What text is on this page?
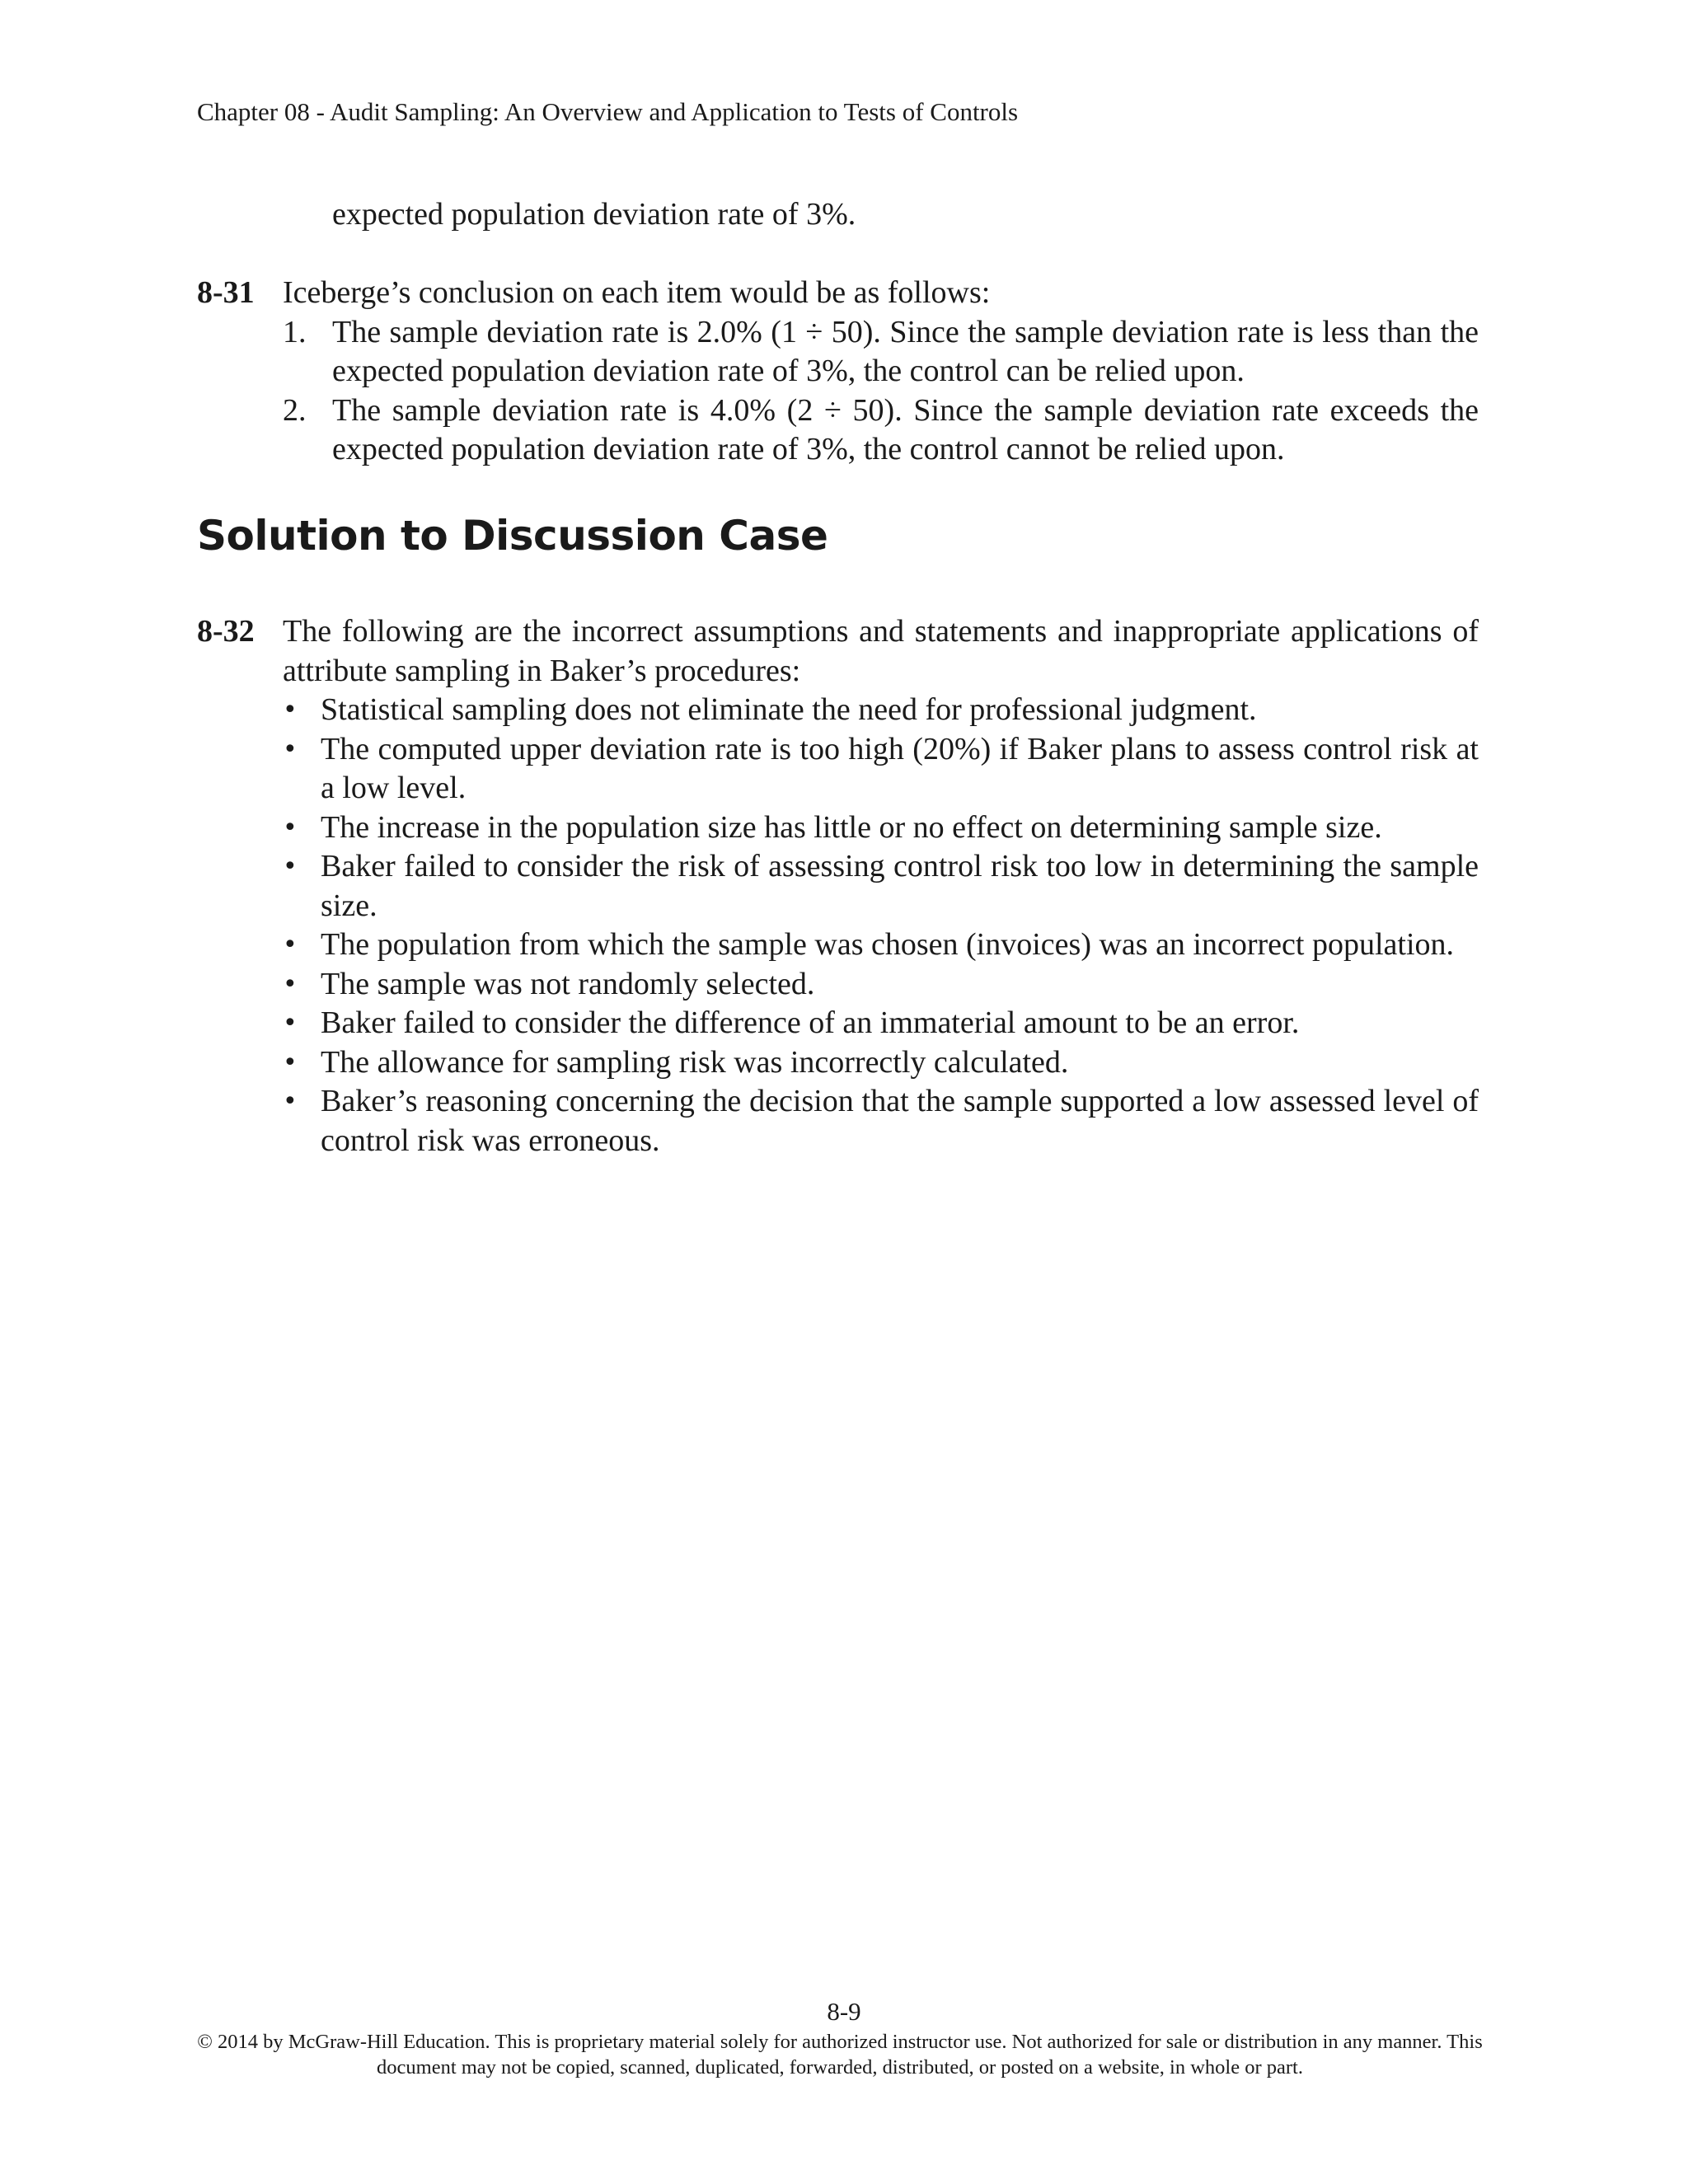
Chapter 08 - Audit Sampling: An Overview and Application to Tests of Controls
expected population deviation rate of 3%.
8-31 Iceberge’s conclusion on each item would be as follows:
1. The sample deviation rate is 2.0% (1 ÷ 50). Since the sample deviation rate is less than the expected population deviation rate of 3%, the control can be relied upon.
2. The sample deviation rate is 4.0% (2 ÷ 50). Since the sample deviation rate exceeds the expected population deviation rate of 3%, the control cannot be relied upon.
Solution to Discussion Case
8-32 The following are the incorrect assumptions and statements and inappropriate applications of attribute sampling in Baker’s procedures:
• Statistical sampling does not eliminate the need for professional judgment.
• The computed upper deviation rate is too high (20%) if Baker plans to assess control risk at a low level.
• The increase in the population size has little or no effect on determining sample size.
• Baker failed to consider the risk of assessing control risk too low in determining the sample size.
• The population from which the sample was chosen (invoices) was an incorrect population.
• The sample was not randomly selected.
• Baker failed to consider the difference of an immaterial amount to be an error.
• The allowance for sampling risk was incorrectly calculated.
• Baker’s reasoning concerning the decision that the sample supported a low assessed level of control risk was erroneous.
8-9
© 2014 by McGraw-Hill Education. This is proprietary material solely for authorized instructor use. Not authorized for sale or distribution in any manner. This document may not be copied, scanned, duplicated, forwarded, distributed, or posted on a website, in whole or part.
